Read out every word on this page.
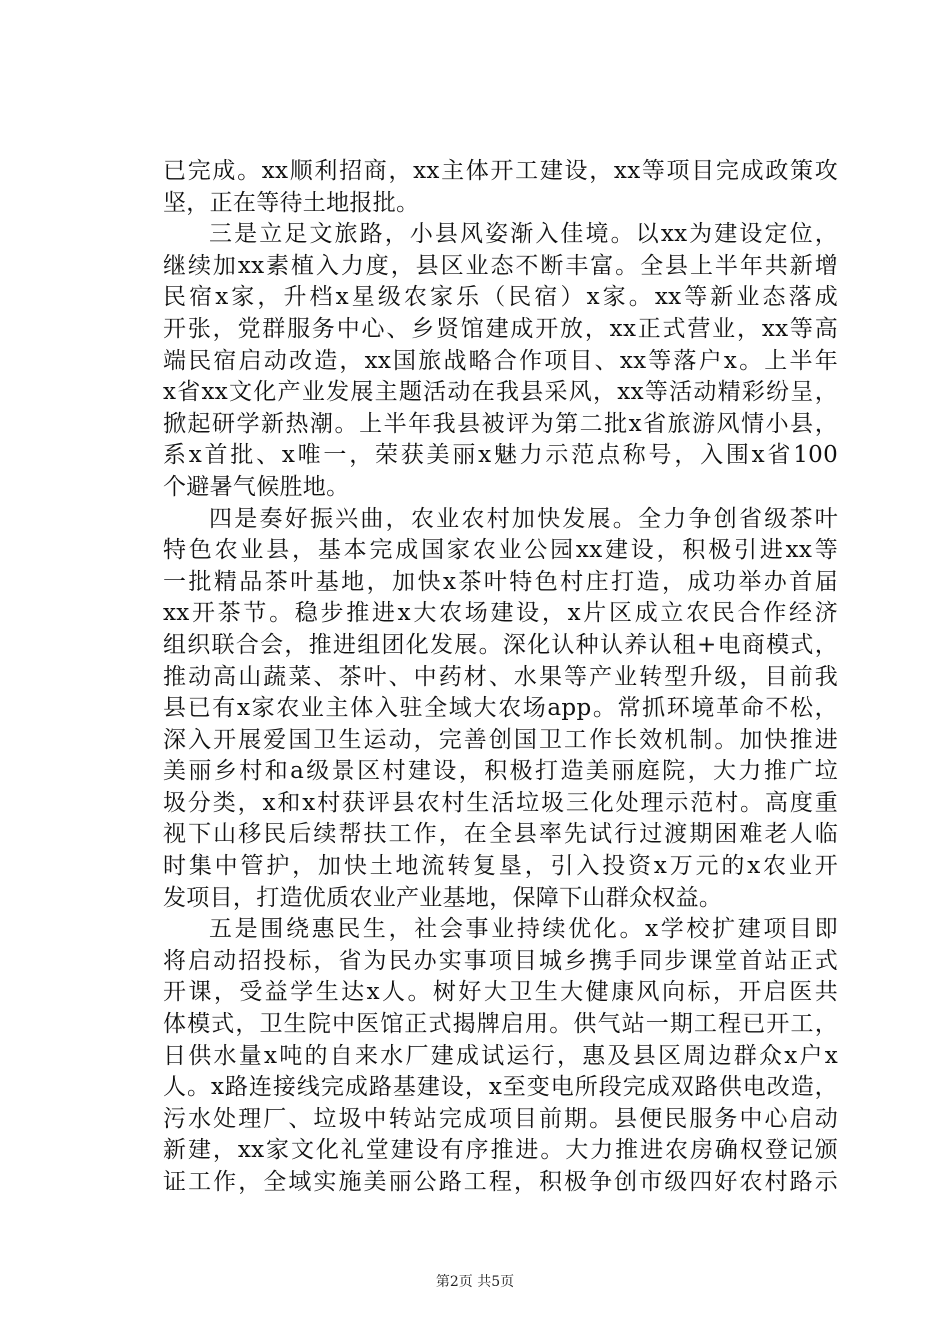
已完成。xx顺利招商，xx主体开工建设，xx等项目完成政策攻
坚，正在等待土地报批。
三是立足文旅路，小县风姿渐入佳境。以xx为建设定位，
继续加xx素植入力度，县区业态不断丰富。全县上半年共新增
民宿x家，升档x星级农家乐（民宿）x家。xx等新业态落成
开张，党群服务中心、乡贤馆建成开放，xx正式营业，xx等高
端民宿启动改造，xx国旅战略合作项目、xx等落户x。上半年
x省xx文化产业发展主题活动在我县采风，xx等活动精彩纷呈，
掀起研学新热潮。上半年我县被评为第二批x省旅游风情小县，
系x首批、x唯一，荣获美丽x魅力示范点称号，入围x省100
个避暑气候胜地。
四是奏好振兴曲，农业农村加快发展。全力争创省级茶叶
特色农业县，基本完成国家农业公园xx建设，积极引进xx等
一批精品茶叶基地，加快x茶叶特色村庄打造，成功举办首届
xx开茶节。稳步推进x大农场建设，x片区成立农民合作经济
组织联合会，推进组团化发展。深化认种认养认租+电商模式，
推动高山蔬菜、茶叶、中药材、水果等产业转型升级，目前我
县已有x家农业主体入驻全域大农场app。常抓环境革命不松，
深入开展爱国卫生运动，完善创国卫工作长效机制。加快推进
美丽乡村和a级景区村建设，积极打造美丽庭院，大力推广垃
圾分类，x和x村获评县农村生活垃圾三化处理示范村。高度重
视下山移民后续帮扶工作，在全县率先试行过渡期困难老人临
时集中管护，加快土地流转复垦，引入投资x万元的x农业开
发项目，打造优质农业产业基地，保障下山群众权益。
五是围绕惠民生，社会事业持续优化。x学校扩建项目即
将启动招投标，省为民办实事项目城乡携手同步课堂首站正式
开课，受益学生达x人。树好大卫生大健康风向标，开启医共
体模式，卫生院中医馆正式揭牌启用。供气站一期工程已开工，
日供水量x吨的自来水厂建成试运行，惠及县区周边群众x户x
人。x路连接线完成路基建设，x至变电所段完成双路供电改造，
污水处理厂、垃圾中转站完成项目前期。县便民服务中心启动
新建，xx家文化礼堂建设有序推进。大力推进农房确权登记颁
证工作，全域实施美丽公路工程，积极争创市级四好农村路示
第2页 共5页
